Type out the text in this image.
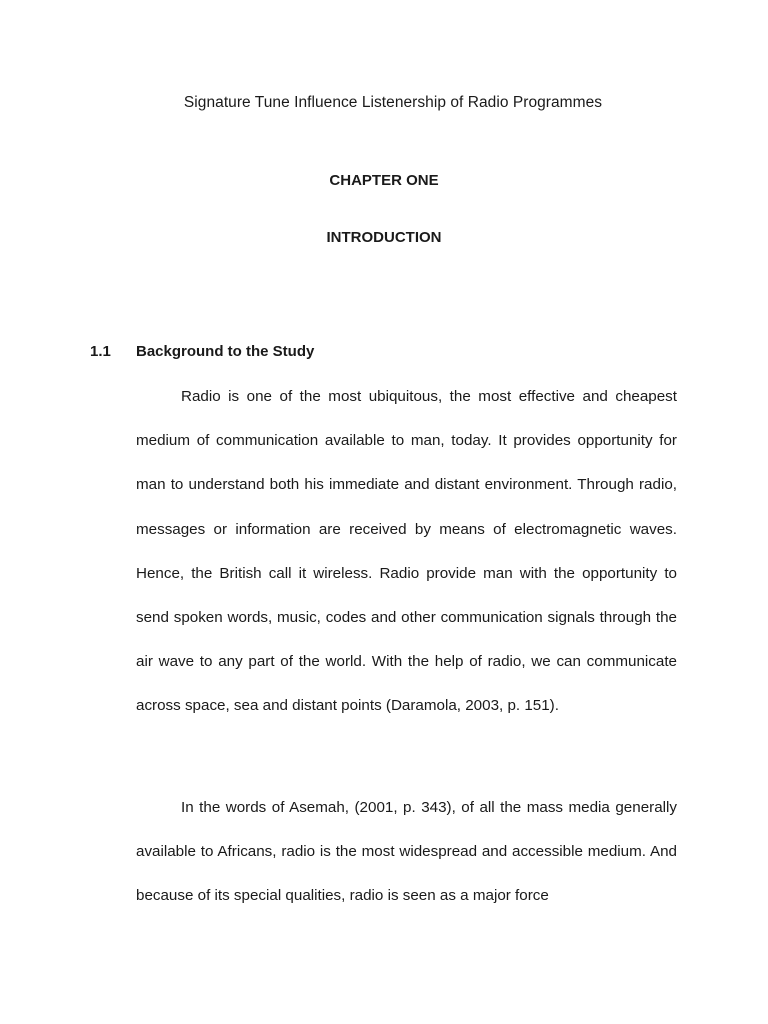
Signature Tune Influence Listenership of Radio Programmes
CHAPTER ONE
INTRODUCTION
1.1 Background to the Study

Radio is one of the most ubiquitous, the most effective and cheapest medium of communication available to man, today. It provides opportunity for man to understand both his immediate and distant environment. Through radio, messages or information are received by means of electromagnetic waves. Hence, the British call it wireless. Radio provide man with the opportunity to send spoken words, music, codes and other communication signals through the air wave to any part of the world. With the help of radio, we can communicate across space, sea and distant points (Daramola, 2003, p. 151).

In the words of Asemah, (2001, p. 343), of all the mass media generally available to Africans, radio is the most widespread and accessible medium. And because of its special qualities, radio is seen as a major force
